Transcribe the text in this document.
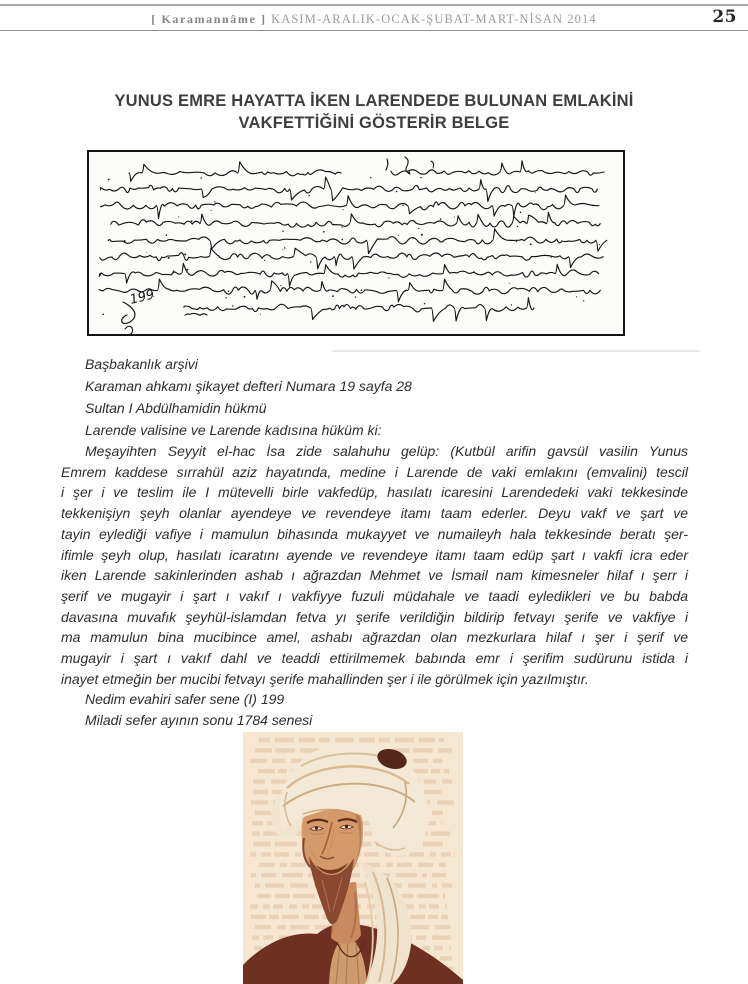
[ Karamannâme ] KASIM-ARALIK-OCAK-ŞUBAT-MART-NİSAN 2014	25
YUNUS EMRE HAYATTA İKEN LARENDEDE BULUNAN EMLAKİNİ
VAKFETTİĞİNİ GÖSTERİR BELGE
199
Başbakanlık arşivi
Karaman ahkamı şikayet defteri Numara 19 sayfa 28
Sultan I Abdülhamidin hükmü
Larende valisine ve Larende kadısına hüküm ki:
Meşayihten Seyyit el-hac İsa zide salahuhu gelüp: (Kutbül arifin gavsül vasilin Yunus
Emrem kaddese sırrahül aziz hayatında, medine i Larende de vaki emlakını (emvalini) tescil
i şer i ve teslim ile I mütevelli birle vakfedüp, hasılatı icaresini Larendedeki vaki tekkesinde
tekkenişiyn şeyh olanlar ayendeye ve revendeye itamı taam ederler. Deyu vakf ve şart ve
tayin eylediği vafiye i mamulun bihasında mukayyet ve numaileyh hala tekkesinde beratı şer-
ifimle şeyh olup, hasılatı icaratını ayende ve revendeye itamı taam edüp şart ı vakfi icra eder
iken Larende sakinlerinden ashab ı ağrazdan Mehmet ve İsmail nam kimesneler hilaf ı şerr i
şerif ve mugayir i şart ı vakıf ı vakfiyye fuzuli müdahale ve taadi eyledikleri ve bu babda
davasına muvafık şeyhül-islamdan fetva yı şerife verildiğin bildirip fetvayı şerife ve vakfiye i
ma mamulun bina mucibince amel, ashabı ağrazdan olan mezkurlara hilaf ı şer i şerif ve
mugayir i şart ı vakıf dahl ve teaddi ettirilmemek babında emr i şerifim sudürunu istida i
inayet etmeğin ber mucibi fetvayı şerife mahallinden şer i ile görülmek için yazılmıştır.
Nedim evahiri safer sene (I) 199
Miladi sefer ayının sonu 1784 senesi
